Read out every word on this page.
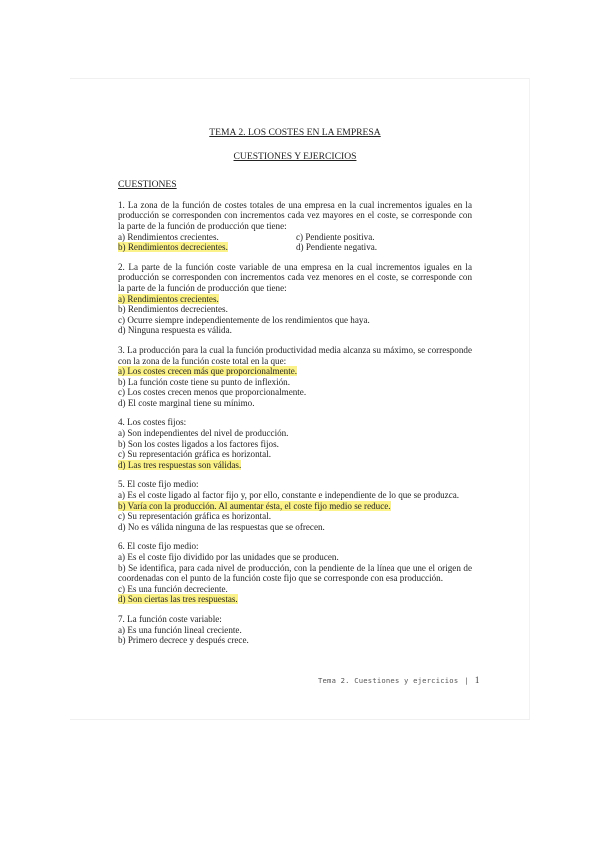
TEMA 2. LOS COSTES EN LA EMPRESA
CUESTIONES Y EJERCICIOS
CUESTIONES

1. La zona de la función de costes totales de una empresa en la cual incrementos iguales en la producción se corresponden con incrementos cada vez mayores en el coste, se corresponde con la parte de la función de producción que tiene:

a) Rendimientos crecientes.	c) Pendiente positiva.
b) Rendimientos decrecientes.	d) Pendiente negativa.

2. La parte de la función coste variable de una empresa en la cual incrementos iguales en la producción se corresponden con incrementos cada vez menores en el coste, se corresponde con la parte de la función de producción que tiene:

a) Rendimientos crecientes.
b) Rendimientos decrecientes.
c) Ocurre siempre independientemente de los rendimientos que haya.
d) Ninguna respuesta es válida.

3. La producción para la cual la función productividad media alcanza su máximo, se corresponde con la zona de la función coste total en la que:

a) Los costes crecen más que proporcionalmente.
b) La función coste tiene su punto de inflexión.
c) Los costes crecen menos que proporcionalmente.
d) El coste marginal tiene su mínimo.

4. Los costes fijos:

a) Son independientes del nivel de producción.
b) Son los costes ligados a los factores fijos.
c) Su representación gráfica es horizontal.
d) Las tres respuestas son válidas.

5. El coste fijo medio:

a) Es el coste ligado al factor fijo y, por ello, constante e independiente de lo que se produzca.
b) Varía con la producción. Al aumentar ésta, el coste fijo medio se reduce.
c) Su representación gráfica es horizontal.
d) No es válida ninguna de las respuestas que se ofrecen.

6. El coste fijo medio:

a) Es el coste fijo dividido por las unidades que se producen.

b) Se identifica, para cada nivel de producción, con la pendiente de la línea que une el origen de coordenadas con el punto de la función coste fijo que se corresponde con esa producción.

c) Es una función decreciente.
d) Son ciertas las tres respuestas.

7. La función coste variable:

a) Es una función lineal creciente.
b) Primero decrece y después crece.
Tema 2. Cuestiones y ejercicios | 1
